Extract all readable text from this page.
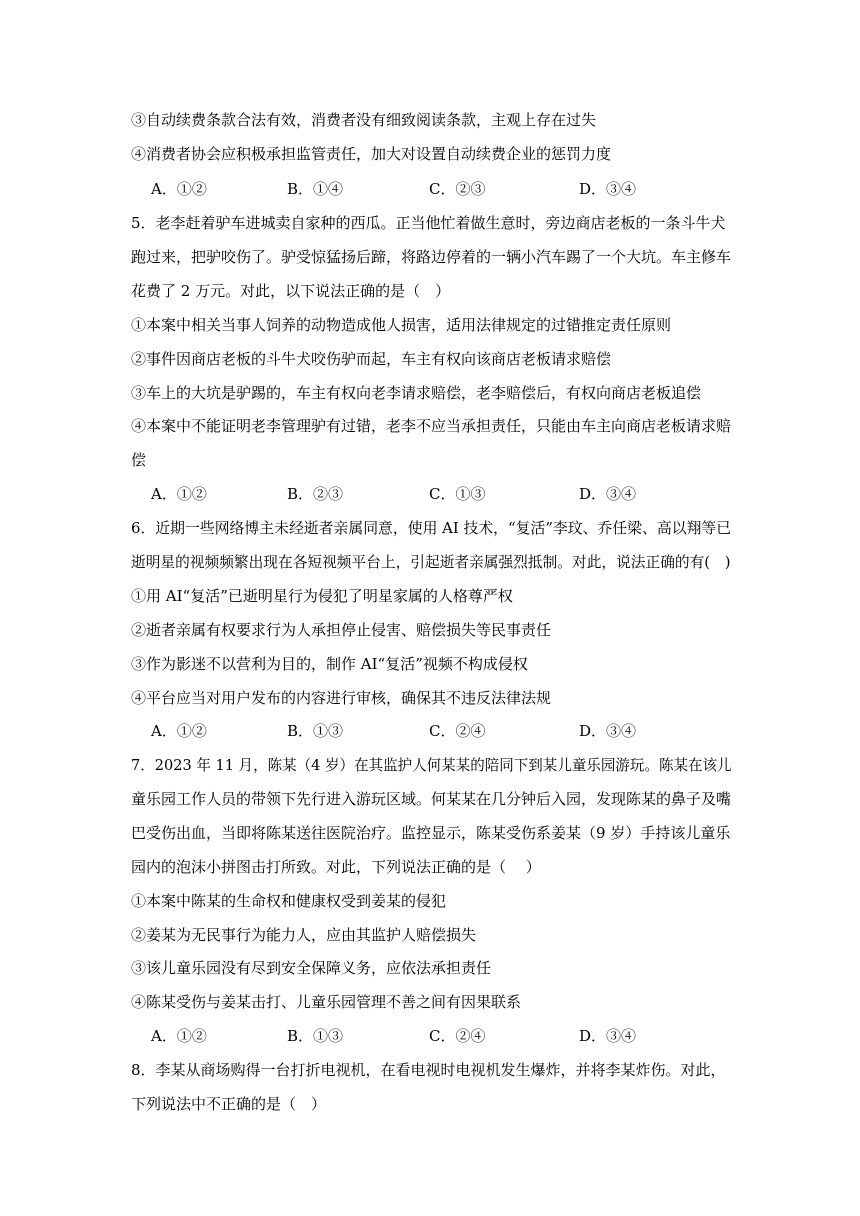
③自动续费条款合法有效，消费者没有细致阅读条款，主观上存在过失
④消费者协会应积极承担监管责任，加大对设置自动续费企业的惩罚力度
A．①②	B．①④	C．②③	D．③④
5．老李赶着驴车进城卖自家种的西瓜。正当他忙着做生意时，旁边商店老板的一条斗牛犬
跑过来，把驴咬伤了。驴受惊猛扬后蹄，将路边停着的一辆小汽车踢了一个大坑。车主修车
花费了 2 万元。对此，以下说法正确的是（　）
①本案中相关当事人饲养的动物造成他人损害，适用法律规定的过错推定责任原则
②事件因商店老板的斗牛犬咬伤驴而起，车主有权向该商店老板请求赔偿
③车上的大坑是驴踢的，车主有权向老李请求赔偿，老李赔偿后，有权向商店老板追偿
④本案中不能证明老李管理驴有过错，老李不应当承担责任，只能由车主向商店老板请求赔
偿
A．①②	B．②③	C．①③	D．③④
6．近期一些网络博主未经逝者亲属同意，使用 AI 技术，“复活”李玟、乔任梁、高以翔等已
逝明星的视频频繁出现在各短视频平台上，引起逝者亲属强烈抵制。对此，说法正确的有(　)
①用 AI“复活”已逝明星行为侵犯了明星家属的人格尊严权
②逝者亲属有权要求行为人承担停止侵害、赔偿损失等民事责任
③作为影迷不以营利为目的，制作 AI“复活”视频不构成侵权
④平台应当对用户发布的内容进行审核，确保其不违反法律法规
A．①②	B．①③	C．②④	D．③④
7．2023 年 11 月，陈某（4 岁）在其监护人何某某的陪同下到某儿童乐园游玩。陈某在该儿
童乐园工作人员的带领下先行进入游玩区域。何某某在几分钟后入园，发现陈某的鼻子及嘴
巴受伤出血，当即将陈某送往医院治疗。监控显示，陈某受伤系姜某（9 岁）手持该儿童乐
园内的泡沫小拼图击打所致。对此，下列说法正确的是（　 ）
①本案中陈某的生命权和健康权受到姜某的侵犯
②姜某为无民事行为能力人，应由其监护人赔偿损失
③该儿童乐园没有尽到安全保障义务，应依法承担责任
④陈某受伤与姜某击打、儿童乐园管理不善之间有因果联系
A．①②	B．①③	C．②④	D．③④
8．李某从商场购得一台打折电视机，在看电视时电视机发生爆炸，并将李某炸伤。对此，
下列说法中不正确的是（　）
